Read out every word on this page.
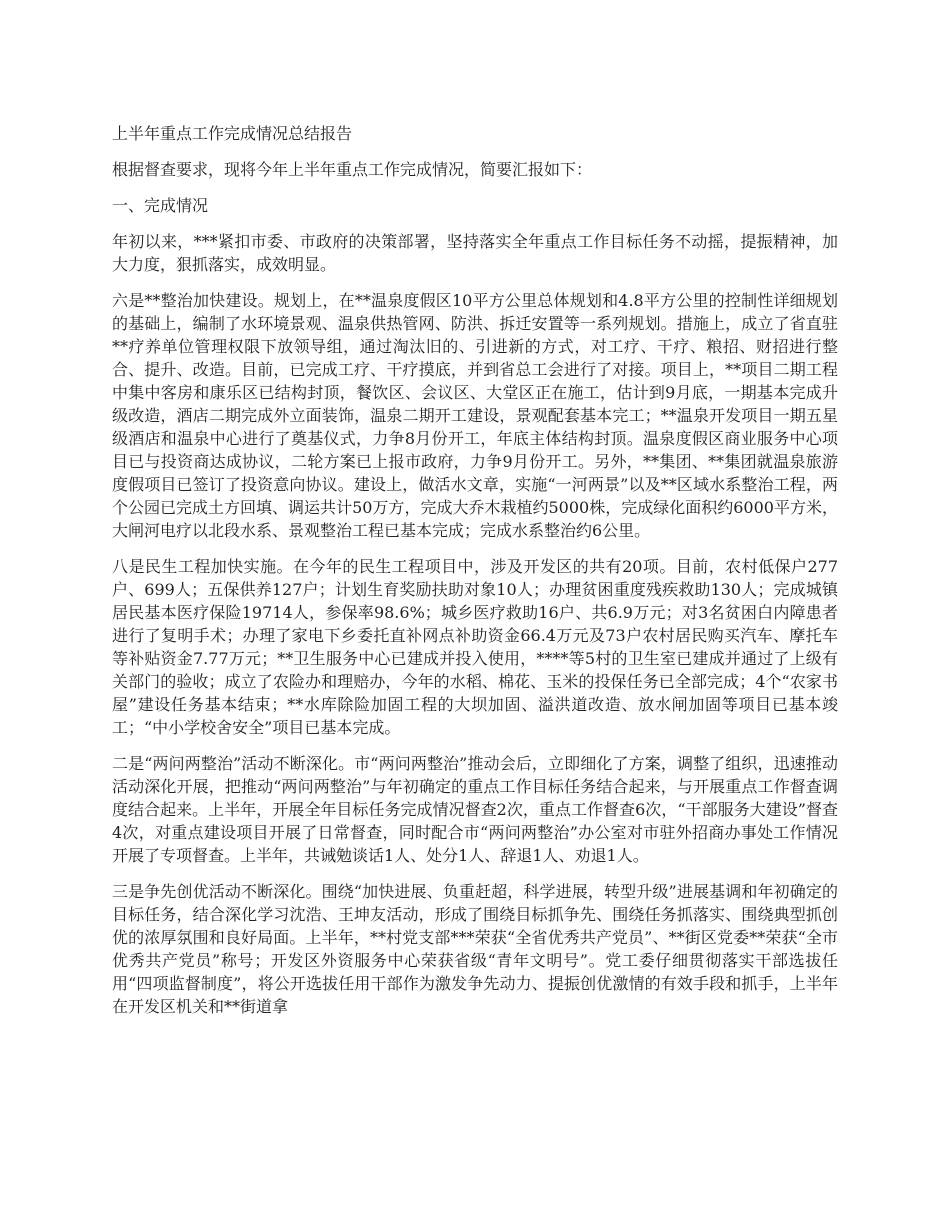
上半年重点工作完成情况总结报告

根据督查要求，现将今年上半年重点工作完成情况，简要汇报如下：

一、完成情况

年初以来，***紧扣市委、市政府的决策部署，坚持落实全年重点工作目标任务不动摇，提振精神，加大力度，狠抓落实，成效明显。

六是**整治加快建设。规划上，在**温泉度假区10平方公里总体规划和4.8平方公里的控制性详细规划的基础上，编制了水环境景观、温泉供热管网、防洪、拆迁安置等一系列规划。措施上，成立了省直驻**疗养单位管理权限下放领导组，通过淘汰旧的、引进新的方式，对工疗、干疗、粮招、财招进行整合、提升、改造。目前，已完成工疗、干疗摸底，并到省总工会进行了对接。项目上，**项目二期工程中集中客房和康乐区已结构封顶，餐饮区、会议区、大堂区正在施工，估计到9月底，一期基本完成升级改造，酒店二期完成外立面装饰，温泉二期开工建设，景观配套基本完工；**温泉开发项目一期五星级酒店和温泉中心进行了奠基仪式，力争8月份开工，年底主体结构封顶。温泉度假区商业服务中心项目已与投资商达成协议，二轮方案已上报市政府，力争9月份开工。另外，**集团、**集团就温泉旅游度假项目已签订了投资意向协议。建设上，做活水文章，实施“一河两景”以及**区域水系整治工程，两个公园已完成土方回填、调运共计50万方，完成大乔木栽植约5000株，完成绿化面积约6000平方米，大闸河电疗以北段水系、景观整治工程已基本完成；完成水系整治约6公里。

八是民生工程加快实施。在今年的民生工程项目中，涉及开发区的共有20项。目前，农村低保户277户、699人；五保供养127户；计划生育奖励扶助对象10人；办理贫困重度残疾救助130人；完成城镇居民基本医疗保险19714人，参保率98.6%；城乡医疗救助16户、共6.9万元；对3名贫困白内障患者进行了复明手术；办理了家电下乡委托直补网点补助资金66.4万元及73户农村居民购买汽车、摩托车等补贴资金7.77万元；**卫生服务中心已建成并投入使用，****等5村的卫生室已建成并通过了上级有关部门的验收；成立了农险办和理赔办，今年的水稻、棉花、玉米的投保任务已全部完成；4个“农家书屋”建设任务基本结束；**水库除险加固工程的大坝加固、溢洪道改造、放水闸加固等项目已基本竣工；“中小学校舍安全”项目已基本完成。

二是“两问两整治”活动不断深化。市“两问两整治”推动会后，立即细化了方案，调整了组织，迅速推动活动深化开展，把推动“两问两整治”与年初确定的重点工作目标任务结合起来，与开展重点工作督查调度结合起来。上半年，开展全年目标任务完成情况督查2次，重点工作督查6次，“干部服务大建设”督查4次，对重点建设项目开展了日常督查，同时配合市“两问两整治”办公室对市驻外招商办事处工作情况开展了专项督查。上半年，共诫勉谈话1人、处分1人、辞退1人、劝退1人。

三是争先创优活动不断深化。围绕“加快进展、负重赶超，科学进展，转型升级”进展基调和年初确定的目标任务，结合深化学习沈浩、王坤友活动，形成了围绕目标抓争先、围绕任务抓落实、围绕典型抓创优的浓厚氛围和良好局面。上半年，**村党支部***荣获“全省优秀共产党员”、**街区党委**荣获“全市优秀共产党员”称号；开发区外资服务中心荣获省级“青年文明号”。党工委仔细贯彻落实干部选拔任用“四项监督制度”，将公开选拔任用干部作为激发争先动力、提振创优激情的有效手段和抓手，上半年在开发区机关和**街道拿
